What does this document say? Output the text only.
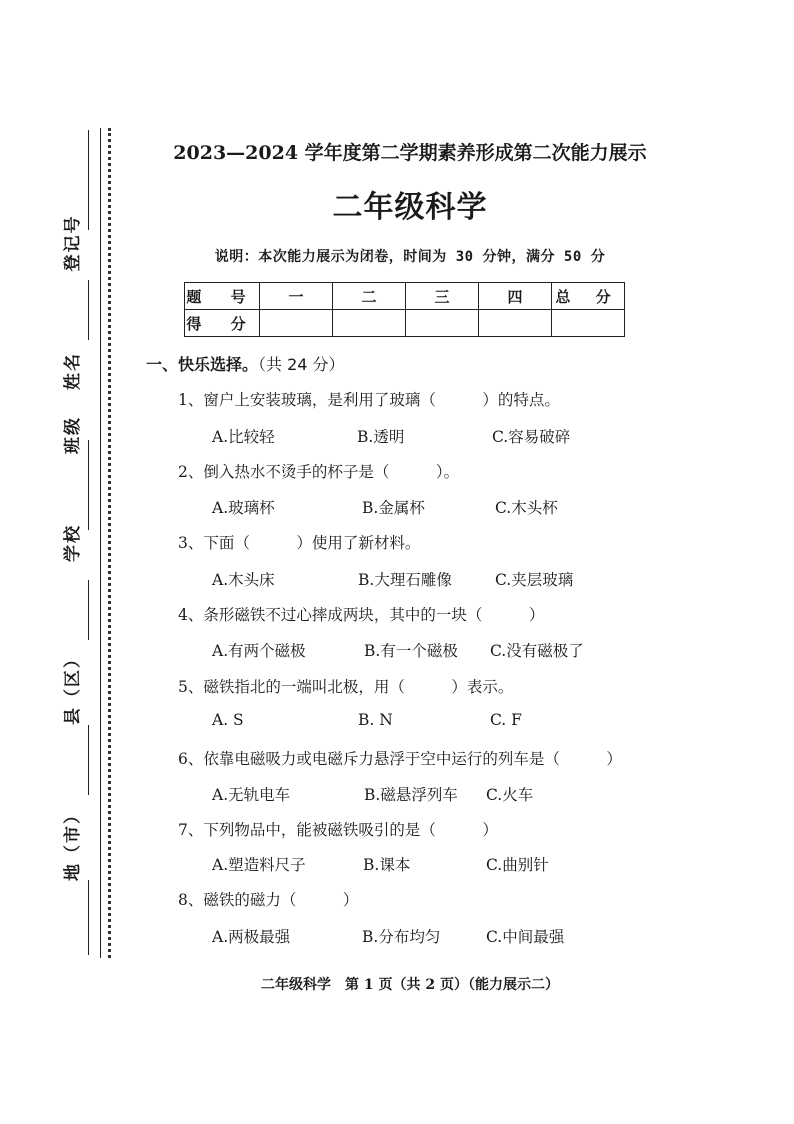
登记号
姓名
班级
学校
县（区）
地（市）
2023—2024 学年度第二学期素养形成第二次能力展示
二年级科学
说明：本次能力展示为闭卷，时间为 30 分钟，满分 50 分
题 号	一	二	三	四	总 分
得 分					
一、快乐选择。（共 24 分）
1、窗户上安装玻璃，是利用了玻璃（　　　）的特点。
A.比较轻	B.透明	C.容易破碎
2、倒入热水不烫手的杯子是（　　　）。
A.玻璃杯	B.金属杯	C.木头杯
3、下面（　　　）使用了新材料。
A.木头床	B.大理石雕像	C.夹层玻璃
4、条形磁铁不过心摔成两块，其中的一块（　　　）
A.有两个磁极	B.有一个磁极 C.没有磁极了
5、磁铁指北的一端叫北极，用（　　　）表示。
A. S	B. N	C. F
6、依靠电磁吸力或电磁斥力悬浮于空中运行的列车是（　　　）
A.无轨电车	B.磁悬浮列车 C.火车
7、下列物品中，能被磁铁吸引的是（　　　）
A.塑造料尺子	B.课本	C.曲别针
8、磁铁的磁力（　　　）
A.两极最强	B.分布均匀	C.中间最强
二年级科学　第 1 页（共 2 页）（能力展示二）
